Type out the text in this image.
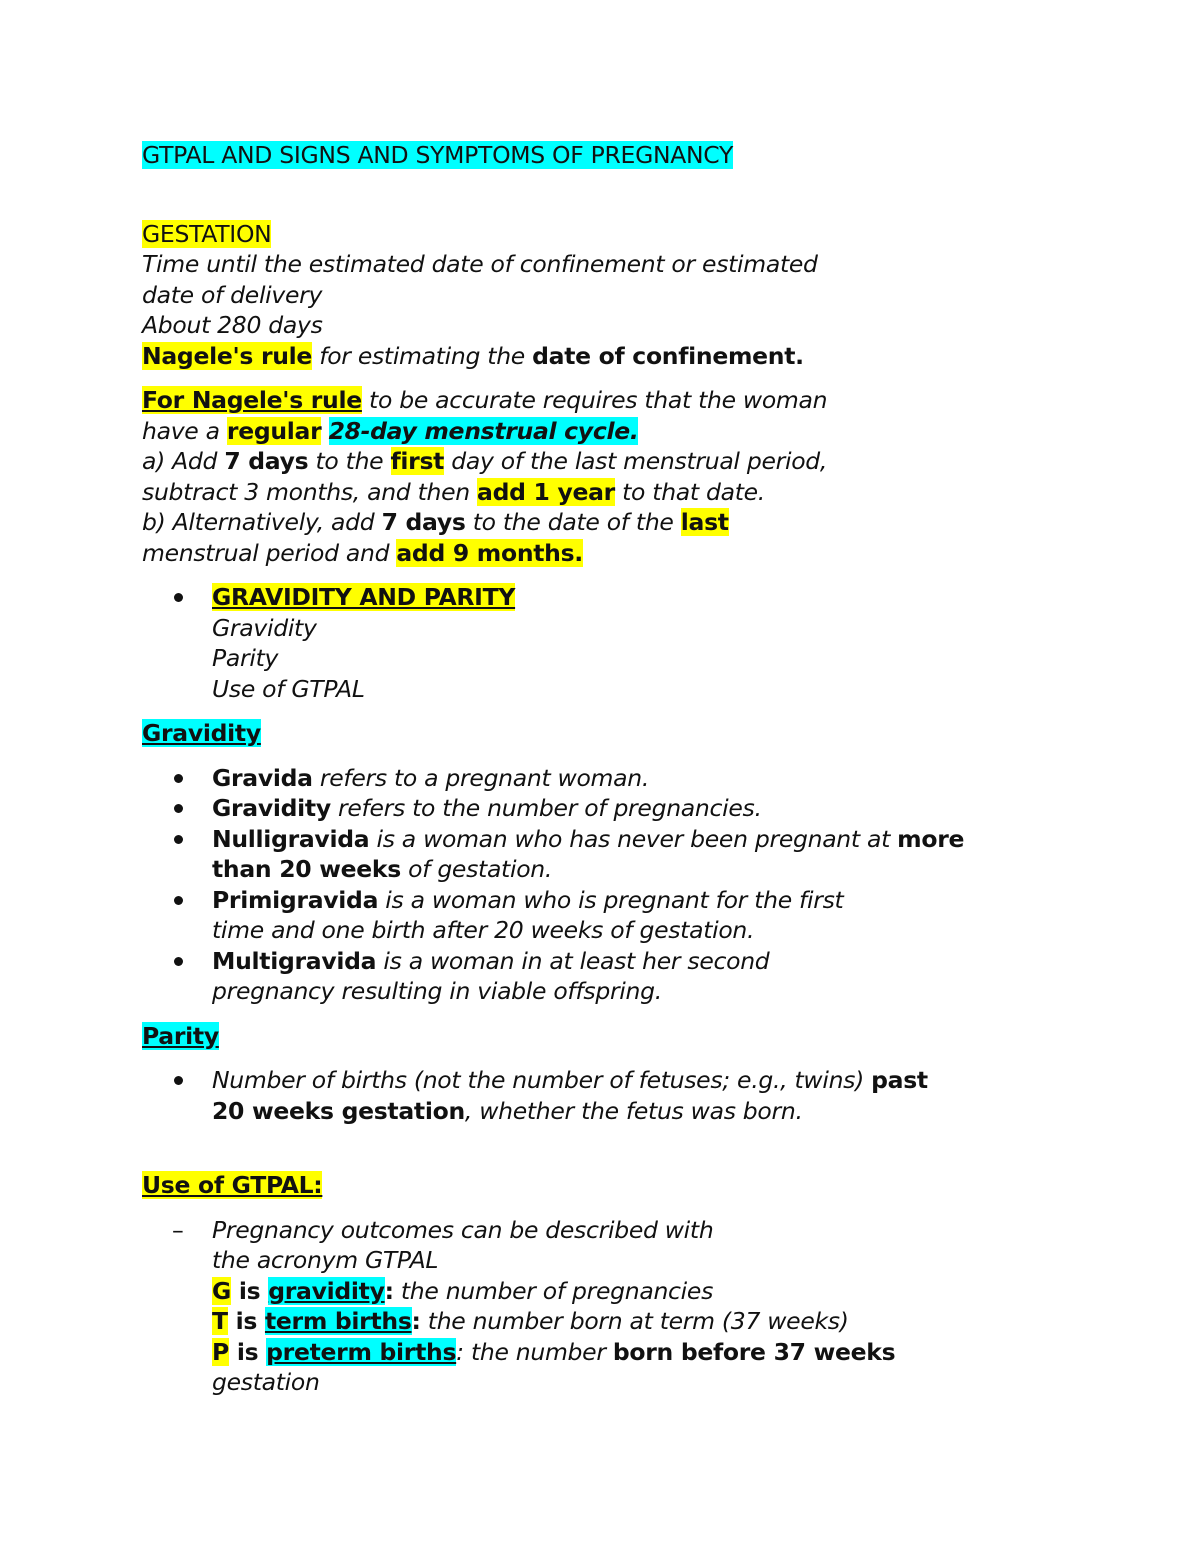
GTPAL AND SIGNS AND SYMPTOMS OF PREGNANCY
GESTATION
Time until the estimated date of confinement or estimated
date of delivery
About 280 days
Nagele's rule for estimating the date of confinement.
For Nagele's rule to be accurate requires that the woman
have a regular 28-day menstrual cycle.
a) Add 7 days to the first day of the last menstrual period,
subtract 3 months, and then add 1 year to that date.
b) Alternatively, add 7 days to the date of the last
menstrual period and add 9 months.
GRAVIDITY AND PARITY
Gravidity
Parity
Use of GTPAL
Gravidity
Gravida refers to a pregnant woman.
Gravidity refers to the number of pregnancies.
Nulligravida is a woman who has never been pregnant at more
than 20 weeks of gestation.
Primigravida is a woman who is pregnant for the first
time and one birth after 20 weeks of gestation.
Multigravida is a woman in at least her second
pregnancy resulting in viable offspring.
Parity
Number of births (not the number of fetuses; e.g., twins) past
20 weeks gestation, whether the fetus was born.
Use of GTPAL:
– Pregnancy outcomes can be described with
the acronym GTPAL
G is gravidity: the number of pregnancies
T is term births: the number born at term (37 weeks)
P is preterm births: the number born before 37 weeks
gestation
